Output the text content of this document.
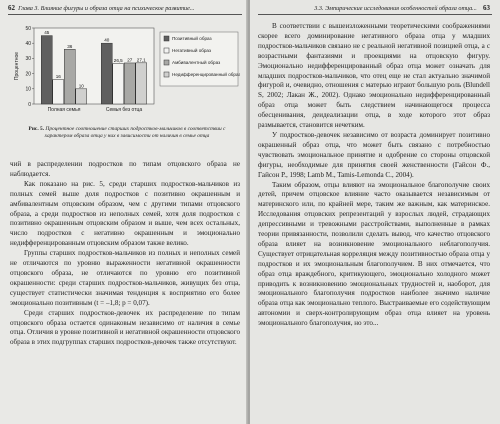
62 Глава 3. Влияние фигуры и образа отца на психическое развитие...
0
10
20
30
40
50
Процентное
45
16
36
10
Полная семья
40
26,5 27 27,1
Семья без отца
Позитивный образ
Негативный образ
Амбивалентный образ
Недифференцированный образ
Рис. 5. Процентное соотношение старших подростков-мальчиков в соответствии с характером образа отца у них в зависимости от наличия в семье отца

чий в распределении подростков по типам отцовского образа не наблюдается.

Как показано на рис. 5, среди старших подростков-мальчиков из полных семей выше доля подростков с позитивно окрашенным и амбивалентным отцовским образом, чем с другими типами отцовского образа, а среди подростков из неполных семей, хотя доля подростков с позитивно окрашенным отцовским образом и выше, чем всех остальных, число подростков с негативно окрашенным и эмоционально недифференцированным отцовским образом также велико.

Группы старших подростков-мальчиков из полных и неполных семей не отличаются по уровню выраженности негативной окрашенности отцовского образа, не отличаются по уровню его позитивной окрашенности: среди старших подростков-мальчиков, живущих без отца, существует статистически значимая тенденция к восприятию его более эмоционально позитивным (t = –1,8; p = 0,07).

Среди старших подростков-девочек их распределение по типам отцовского образа остается одинаковым независимо от наличия в семье отца. Отличия в уровне позитивной и негативной окрашенности отцовского образа в этих подгруппах старших подростков-девочек также отсутствуют.

3.3. Эмпирические исследования особенностей образа отца... 63

В соответствии с вышеизложенными теоретическими соображениями скорее всего доминирование негативного образа отца у младших подростков-мальчиков связано не с реальной негативной позицией отца, а с возрастными фантазиями и проекциями на отцовскую фигуру. Эмоционально недифференцированный образ отца может означать для младших подростков-мальчиков, что отец еще не стал актуально значимой фигурой и, очевидно, отношения с матерью играют большую роль (Blundell S, 2002; Лакан Ж., 2002). Однако эмоционально недифференцированный образ отца может быть следствием начинающегося процесса обесценивания, деидеализации отца, в ходе которого этот образ размывается, становится нечетким.

У подростков-девочек независимо от возраста доминирует позитивно окрашенный образ отца, что может быть связано с потребностью чувствовать эмоциональное принятие и одобрение со стороны отцовской фигуры, необходимые для принятия своей женственности (Гайсон Ф., Гайсон Р., 1998; Lamb M., Tamis-Lemonda C., 2004).

Таким образом, отцы влияют на эмоциональное благополучие своих детей, причем отцовское влияние часто оказывается независимым от материнского или, по крайней мере, таким же важным, как материнское. Исследования отцовских репрезентаций у взрослых людей, страдающих депрессивными и тревожными расстройствами, выполненные в рамках теории привязанности, позволили сделать вывод, что качество отцовского образа влияет на возникновение эмоционального неблагополучия. Существует отрицательная корреляция между позитивностью образа отца у подростков и их эмоциональным благополучием. В них отмечается, что образ отца враждебного, критикующего, эмоционально холодного может приводить к возникновению эмоциональных трудностей и, наоборот, для эмоционального благополучия подростков наиболее значимо наличие образа отца как эмоционально теплого. Выстраиваемые его содействующим автономии и сверх-контролирующим образ отца влияет на уровень эмоционального благополучия, но это...
